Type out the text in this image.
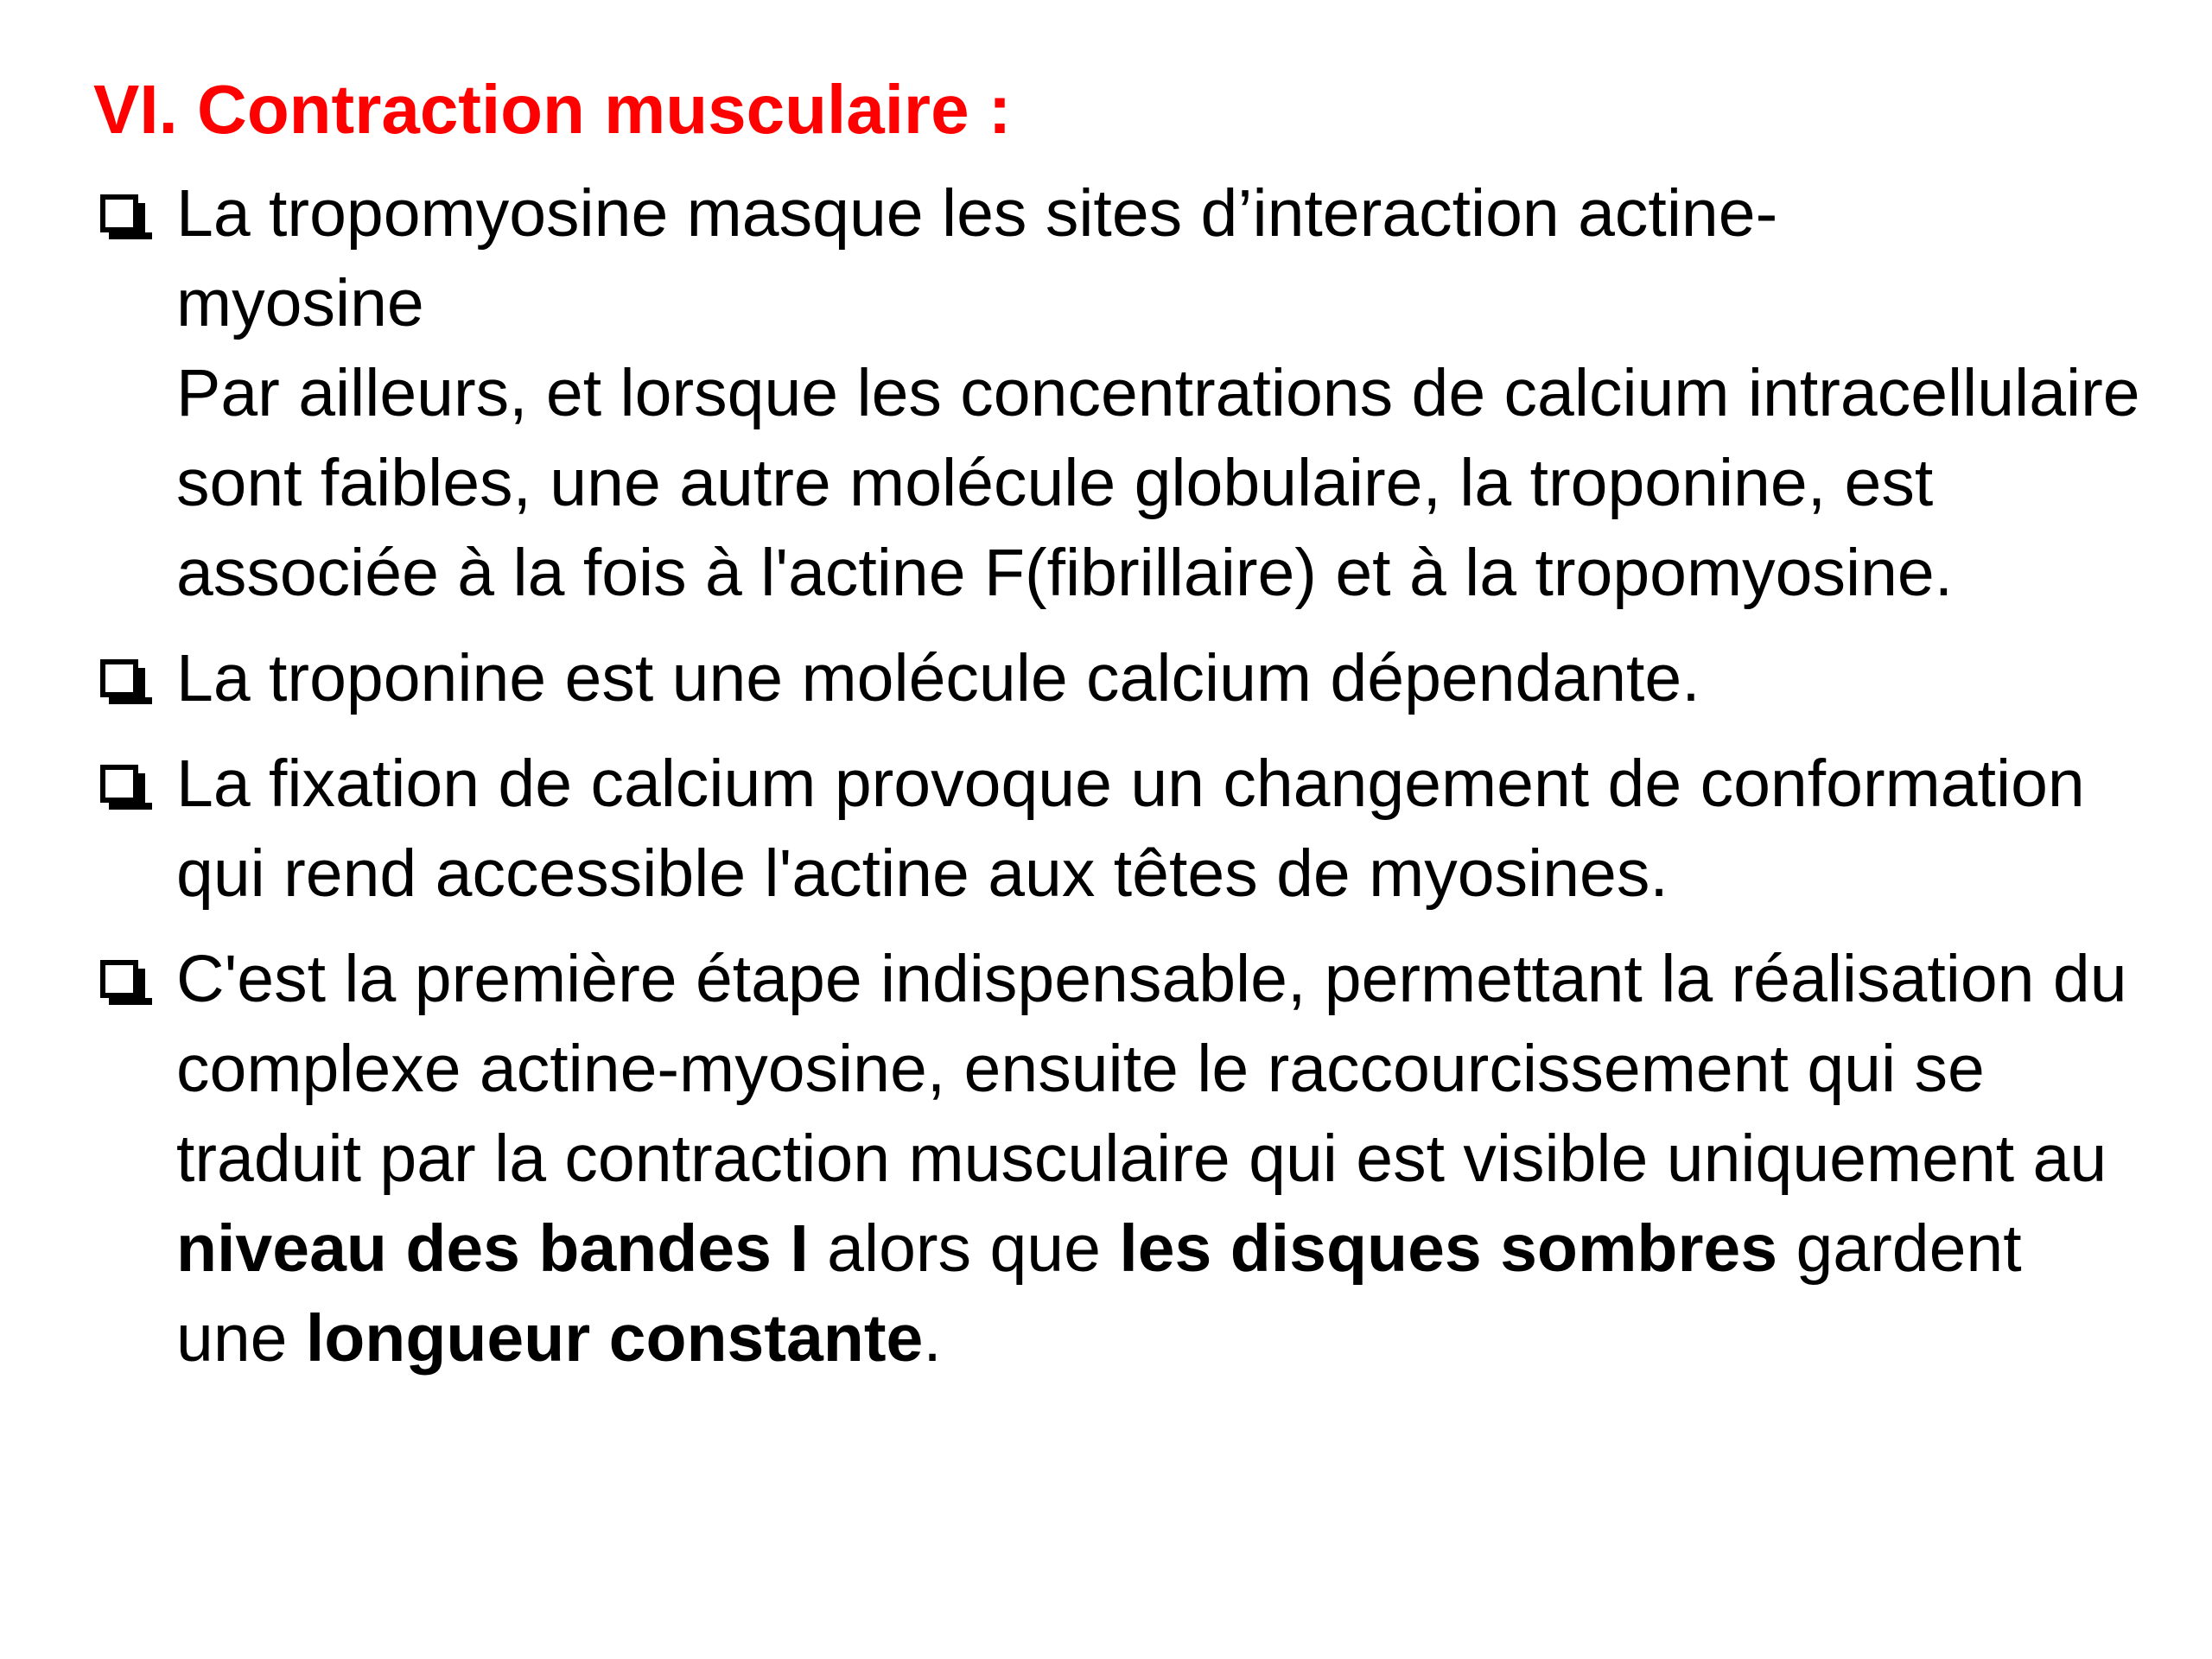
VI. Contraction musculaire :

La tropomyosine masque les sites d’interaction actine-
myosine

Par ailleurs, et lorsque les concentrations de calcium intracellulaire sont faibles, une autre molécule globulaire, la troponine, est associée à la fois à l'actine F(fibrillaire) et à la tropomyosine.

La troponine est une molécule calcium dépendante.

La fixation de calcium provoque un changement de conformation qui rend accessible l'actine aux têtes de myosines.

C'est la première étape indispensable, permettant la réalisation du complexe actine-myosine, ensuite le raccourcissement qui se traduit par la contraction musculaire qui est visible uniquement au niveau des bandes I alors que les disques sombres gardent une longueur constante.
